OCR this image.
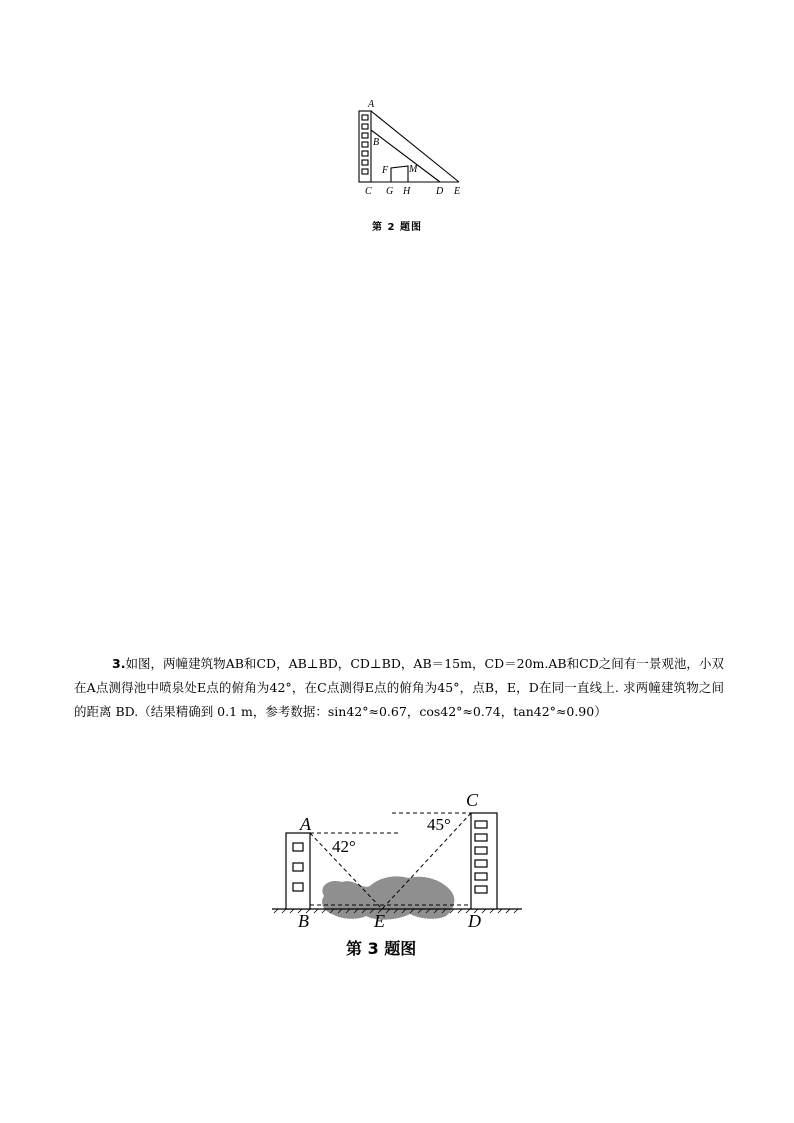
A
B
F M
C G H	D E
第 2 题图

3.如图，两幢建筑物AB和CD，AB⊥BD，CD⊥BD，AB＝15m，CD＝20m.AB和CD之间有一景观池，小双在A点测得池中喷泉处E点的俯角为42°，在C点测得E点的俯角为45°，点B，E，D在同一直线上. 求两幢建筑物之间的距离 BD.（结果精确到 0.1 m，参考数据：sin42°≈0.67，cos42°≈0.74，tan42°≈0.90）

A
C
B	E	D
42°
45°
第 3 题图
